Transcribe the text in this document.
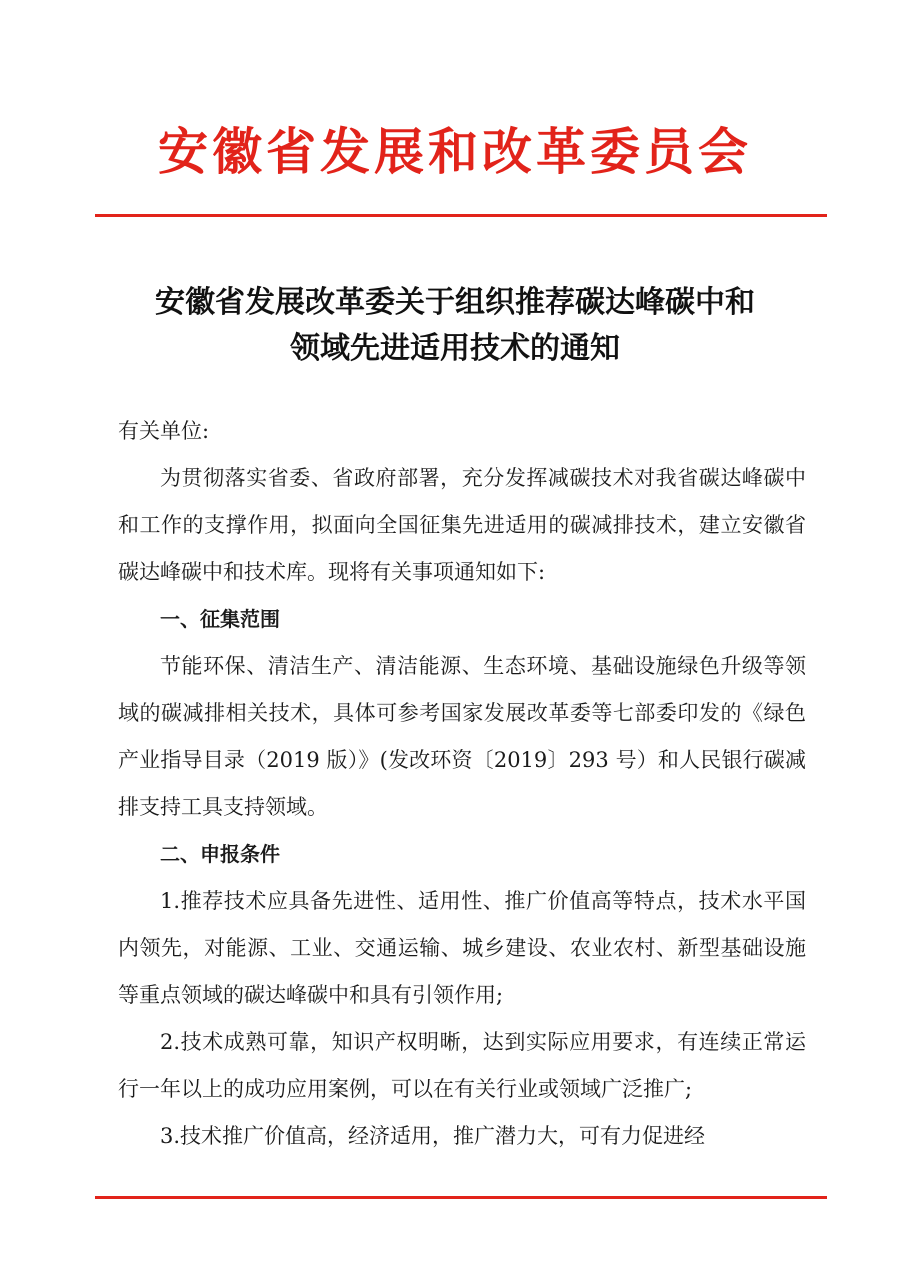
安徽省发展和改革委员会
安徽省发展改革委关于组织推荐碳达峰碳中和
领域先进适用技术的通知

有关单位:

为贯彻落实省委、省政府部署，充分发挥减碳技术对我省碳达峰碳中和工作的支撑作用，拟面向全国征集先进适用的碳减排技术，建立安徽省碳达峰碳中和技术库。现将有关事项通知如下:

一、征集范围

节能环保、清洁生产、清洁能源、生态环境、基础设施绿色升级等领域的碳减排相关技术，具体可参考国家发展改革委等七部委印发的《绿色产业指导目录（2019 版）》(发改环资〔2019〕293 号）和人民银行碳减排支持工具支持领域。

二、申报条件

1.推荐技术应具备先进性、适用性、推广价值高等特点，技术水平国内领先，对能源、工业、交通运输、城乡建设、农业农村、新型基础设施等重点领域的碳达峰碳中和具有引领作用;

2.技术成熟可靠，知识产权明晰，达到实际应用要求，有连续正常运行一年以上的成功应用案例，可以在有关行业或领域广泛推广;

3.技术推广价值高，经济适用，推广潜力大，可有力促进经
